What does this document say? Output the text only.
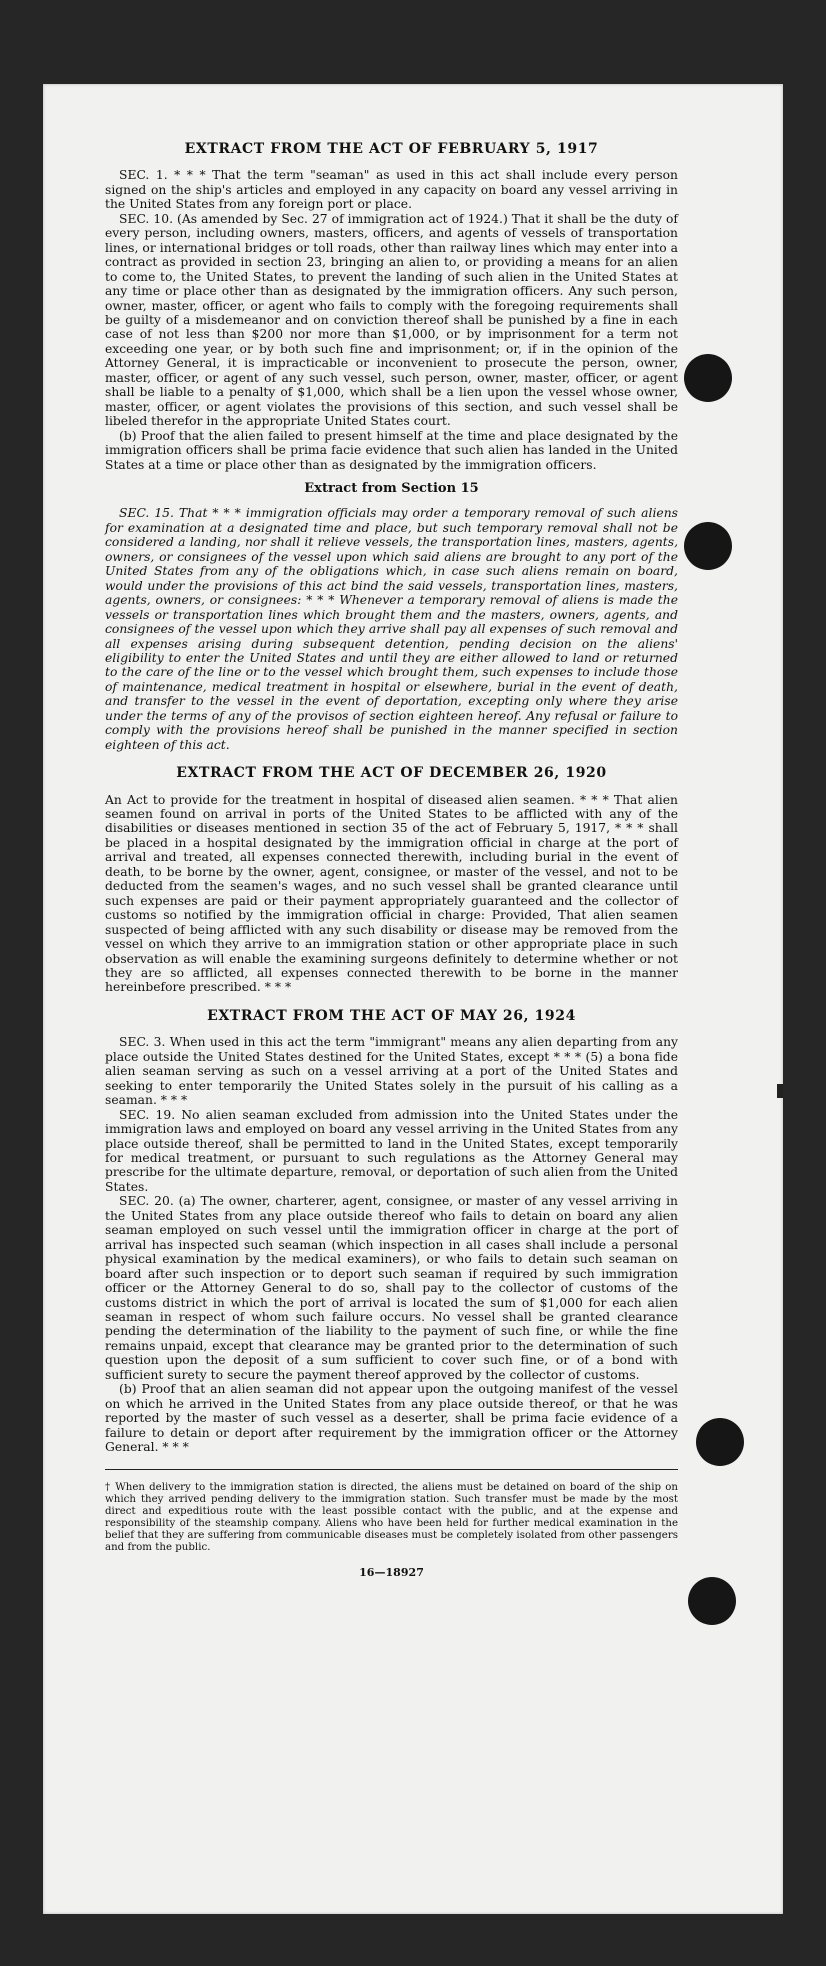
EXTRACT FROM THE ACT OF FEBRUARY 5, 1917

SEC. 1. * * * That the term "seaman" as used in this act shall include every person signed on the ship's articles and employed in any capacity on board any vessel arriving in the United States from any foreign port or place.

SEC. 10. (As amended by Sec. 27 of immigration act of 1924.) That it shall be the duty of every person, including owners, masters, officers, and agents of vessels of transportation lines, or international bridges or toll roads, other than railway lines which may enter into a contract as provided in section 23, bringing an alien to, or providing a means for an alien to come to, the United States, to prevent the landing of such alien in the United States at any time or place other than as designated by the immigration officers. Any such person, owner, master, officer, or agent who fails to comply with the foregoing requirements shall be guilty of a misdemeanor and on conviction thereof shall be punished by a fine in each case of not less than $200 nor more than $1,000, or by imprisonment for a term not exceeding one year, or by both such fine and imprisonment; or, if in the opinion of the Attorney General, it is impracticable or inconvenient to prosecute the person, owner, master, officer, or agent of any such vessel, such person, owner, master, officer, or agent shall be liable to a penalty of $1,000, which shall be a lien upon the vessel whose owner, master, officer, or agent violates the provisions of this section, and such vessel shall be libeled therefor in the appropriate United States court.

(b) Proof that the alien failed to present himself at the time and place designated by the immigration officers shall be prima facie evidence that such alien has landed in the United States at a time or place other than as designated by the immigration officers.

Extract from Section 15

SEC. 15. That * * * immigration officials may order a temporary removal of such aliens for examination at a designated time and place, but such temporary removal shall not be considered a landing, nor shall it relieve vessels, the transportation lines, masters, agents, owners, or consignees of the vessel upon which said aliens are brought to any port of the United States from any of the obligations which, in case such aliens remain on board, would under the provisions of this act bind the said vessels, transportation lines, masters, agents, owners, or consignees: * * * Whenever a temporary removal of aliens is made the vessels or transportation lines which brought them and the masters, owners, agents, and consignees of the vessel upon which they arrive shall pay all expenses of such removal and all expenses arising during subsequent detention, pending decision on the aliens' eligibility to enter the United States and until they are either allowed to land or returned to the care of the line or to the vessel which brought them, such expenses to include those of maintenance, medical treatment in hospital or elsewhere, burial in the event of death, and transfer to the vessel in the event of deportation, excepting only where they arise under the terms of any of the provisos of section eighteen hereof. Any refusal or failure to comply with the provisions hereof shall be punished in the manner specified in section eighteen of this act.

EXTRACT FROM THE ACT OF DECEMBER 26, 1920

An Act to provide for the treatment in hospital of diseased alien seamen. * * * That alien seamen found on arrival in ports of the United States to be afflicted with any of the disabilities or diseases mentioned in section 35 of the act of February 5, 1917, * * * shall be placed in a hospital designated by the immigration official in charge at the port of arrival and treated, all expenses connected therewith, including burial in the event of death, to be borne by the owner, agent, consignee, or master of the vessel, and not to be deducted from the seamen's wages, and no such vessel shall be granted clearance until such expenses are paid or their payment appropriately guaranteed and the collector of customs so notified by the immigration official in charge: Provided, That alien seamen suspected of being afflicted with any such disability or disease may be removed from the vessel on which they arrive to an immigration station or other appropriate place in such observation as will enable the examining surgeons definitely to determine whether or not they are so afflicted, all expenses connected therewith to be borne in the manner hereinbefore prescribed. * * *

EXTRACT FROM THE ACT OF MAY 26, 1924

SEC. 3. When used in this act the term "immigrant" means any alien departing from any place outside the United States destined for the United States, except * * * (5) a bona fide alien seaman serving as such on a vessel arriving at a port of the United States and seeking to enter temporarily the United States solely in the pursuit of his calling as a seaman. * * *

SEC. 19. No alien seaman excluded from admission into the United States under the immigration laws and employed on board any vessel arriving in the United States from any place outside thereof, shall be permitted to land in the United States, except temporarily for medical treatment, or pursuant to such regulations as the Attorney General may prescribe for the ultimate departure, removal, or deportation of such alien from the United States.

SEC. 20. (a) The owner, charterer, agent, consignee, or master of any vessel arriving in the United States from any place outside thereof who fails to detain on board any alien seaman employed on such vessel until the immigration officer in charge at the port of arrival has inspected such seaman (which inspection in all cases shall include a personal physical examination by the medical examiners), or who fails to detain such seaman on board after such inspection or to deport such seaman if required by such immigration officer or the Attorney General to do so, shall pay to the collector of customs of the customs district in which the port of arrival is located the sum of $1,000 for each alien seaman in respect of whom such failure occurs. No vessel shall be granted clearance pending the determination of the liability to the payment of such fine, or while the fine remains unpaid, except that clearance may be granted prior to the determination of such question upon the deposit of a sum sufficient to cover such fine, or of a bond with sufficient surety to secure the payment thereof approved by the collector of customs.

(b) Proof that an alien seaman did not appear upon the outgoing manifest of the vessel on which he arrived in the United States from any place outside thereof, or that he was reported by the master of such vessel as a deserter, shall be prima facie evidence of a failure to detain or deport after requirement by the immigration officer or the Attorney General. * * *

† When delivery to the immigration station is directed, the aliens must be detained on board of the ship on which they arrived pending delivery to the immigration station. Such transfer must be made by the most direct and expeditious route with the least possible contact with the public, and at the expense and responsibility of the steamship company. Aliens who have been held for further medical examination in the belief that they are suffering from communicable diseases must be completely isolated from other passengers and from the public.

16—18927
